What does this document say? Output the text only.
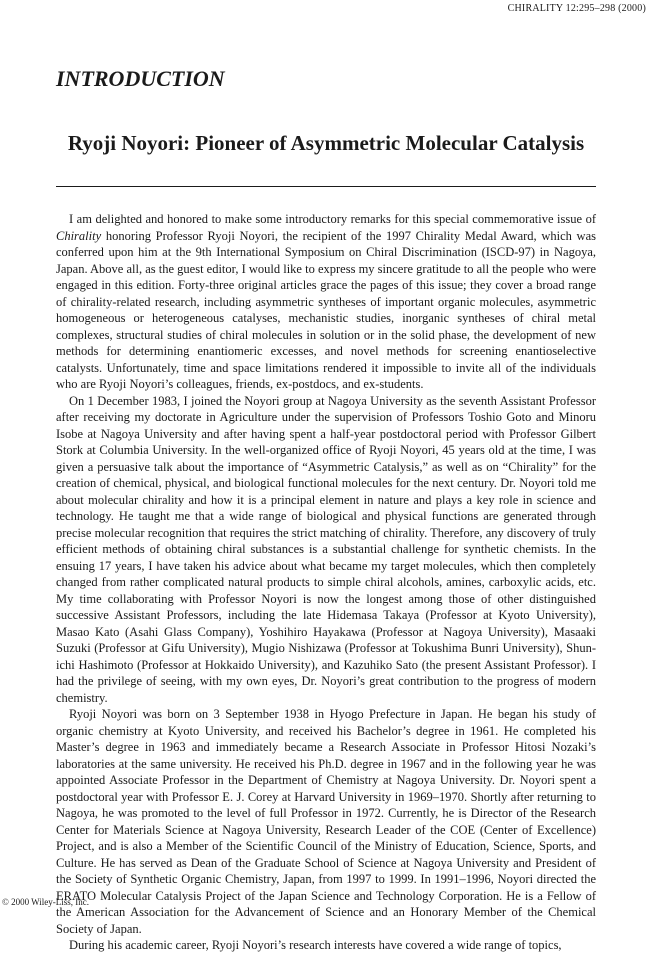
CHIRALITY 12:295–298 (2000)
INTRODUCTION
Ryoji Noyori: Pioneer of Asymmetric Molecular Catalysis

I am delighted and honored to make some introductory remarks for this special commemorative issue of Chirality honoring Professor Ryoji Noyori, the recipient of the 1997 Chirality Medal Award, which was conferred upon him at the 9th International Symposium on Chiral Discrimination (ISCD-97) in Nagoya, Japan. Above all, as the guest editor, I would like to express my sincere gratitude to all the people who were engaged in this edition. Forty-three original articles grace the pages of this issue; they cover a broad range of chirality-related research, including asymmetric syntheses of important organic molecules, asymmetric homogeneous or heterogeneous catalyses, mechanistic studies, inorganic syntheses of chiral metal complexes, structural studies of chiral molecules in solution or in the solid phase, the development of new methods for determining enantiomeric excesses, and novel methods for screening enantioselective catalysts. Unfortunately, time and space limitations rendered it impossible to invite all of the individuals who are Ryoji Noyori’s colleagues, friends, ex-postdocs, and ex-students.

On 1 December 1983, I joined the Noyori group at Nagoya University as the seventh Assistant Professor after receiving my doctorate in Agriculture under the supervision of Professors Toshio Goto and Minoru Isobe at Nagoya University and after having spent a half-year postdoctoral period with Professor Gilbert Stork at Columbia University. In the well-organized office of Ryoji Noyori, 45 years old at the time, I was given a persuasive talk about the importance of “Asymmetric Catalysis,” as well as on “Chirality” for the creation of chemical, physical, and biological functional molecules for the next century. Dr. Noyori told me about molecular chirality and how it is a principal element in nature and plays a key role in science and technology. He taught me that a wide range of biological and physical functions are generated through precise molecular recognition that requires the strict matching of chirality. Therefore, any discovery of truly efficient methods of obtaining chiral substances is a substantial challenge for synthetic chemists. In the ensuing 17 years, I have taken his advice about what became my target molecules, which then completely changed from rather complicated natural products to simple chiral alcohols, amines, carboxylic acids, etc. My time collaborating with Professor Noyori is now the longest among those of other distinguished successive Assistant Professors, including the late Hidemasa Takaya (Professor at Kyoto University), Masao Kato (Asahi Glass Company), Yoshihiro Hayakawa (Professor at Nagoya University), Masaaki Suzuki (Professor at Gifu University), Mugio Nishizawa (Professor at Tokushima Bunri University), Shun-ichi Hashimoto (Professor at Hokkaido University), and Kazuhiko Sato (the present Assistant Professor). I had the privilege of seeing, with my own eyes, Dr. Noyori’s great contribution to the progress of modern chemistry.

Ryoji Noyori was born on 3 September 1938 in Hyogo Prefecture in Japan. He began his study of organic chemistry at Kyoto University, and received his Bachelor’s degree in 1961. He completed his Master’s degree in 1963 and immediately became a Research Associate in Professor Hitosi Nozaki’s laboratories at the same university. He received his Ph.D. degree in 1967 and in the following year he was appointed Associate Professor in the Department of Chemistry at Nagoya University. Dr. Noyori spent a postdoctoral year with Professor E. J. Corey at Harvard University in 1969–1970. Shortly after returning to Nagoya, he was promoted to the level of full Professor in 1972. Currently, he is Director of the Research Center for Materials Science at Nagoya University, Research Leader of the COE (Center of Excellence) Project, and is also a Member of the Scientific Council of the Ministry of Education, Science, Sports, and Culture. He has served as Dean of the Graduate School of Science at Nagoya University and President of the Society of Synthetic Organic Chemistry, Japan, from 1997 to 1999. In 1991–1996, Noyori directed the ERATO Molecular Catalysis Project of the Japan Science and Technology Corporation. He is a Fellow of the American Association for the Advancement of Science and an Honorary Member of the Chemical Society of Japan.

During his academic career, Ryoji Noyori’s research interests have covered a wide range of topics,

© 2000 Wiley-Liss, Inc.
